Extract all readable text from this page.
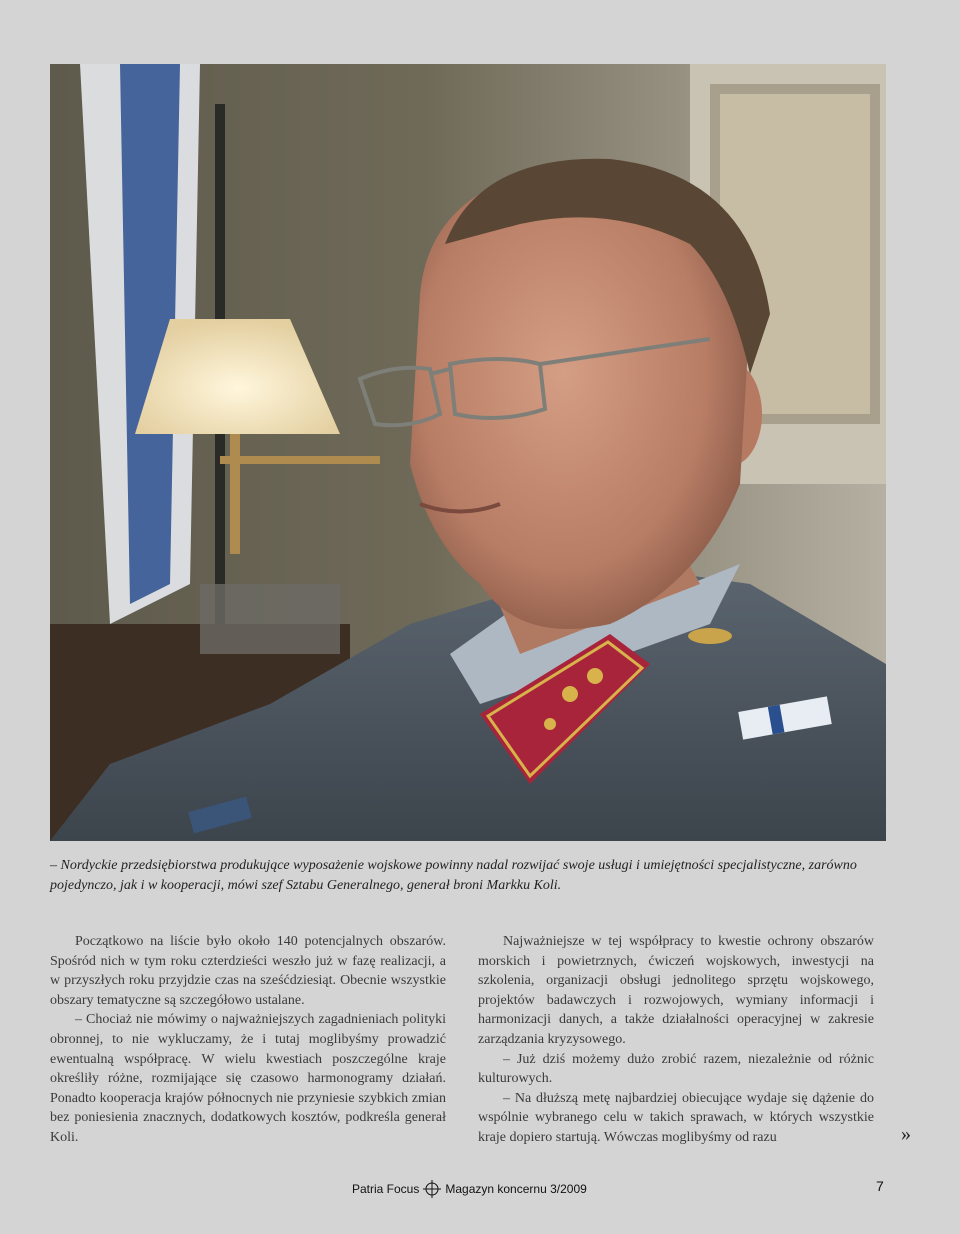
– Nordyckie przedsiębiorstwa produkujące wyposażenie wojskowe powinny nadal rozwijać swoje usługi i umiejętności specjalistyczne, zarówno pojedynczo, jak i w kooperacji, mówi szef Sztabu Generalnego, generał broni Markku Koli.

Początkowo na liście było około 140 potencjalnych obszarów. Spośród nich w tym roku czterdzieści weszło już w fazę realizacji, a w przyszłych roku przyjdzie czas na sześćdziesiąt. Obecnie wszystkie obszary tematyczne są szczegółowo ustalane.

– Chociaż nie mówimy o najważniejszych zagadnieniach polityki obronnej, to nie wykluczamy, że i tutaj moglibyśmy prowadzić ewentualną współpracę. W wielu kwestiach poszczególne kraje określiły różne, rozmijające się czasowo harmonogramy działań. Ponadto kooperacja krajów północnych nie przyniesie szybkich zmian bez poniesienia znacznych, dodatkowych kosztów, podkreśla generał Koli.

Najważniejsze w tej współpracy to kwestie ochrony obszarów morskich i powietrznych, ćwiczeń wojskowych, inwestycji na szkolenia, organizacji obsługi jednolitego sprzętu wojskowego, projektów badawczych i rozwojowych, wymiany informacji i harmonizacji danych, a także działalności operacyjnej w zakresie zarządzania kryzysowego.

– Już dziś możemy dużo zrobić razem, niezależnie od różnic kulturowych.

– Na dłuższą metę najbardziej obiecujące wydaje się dążenie do wspólnie wybranego celu w takich sprawach, w których wszystkie kraje dopiero startują. Wówczas moglibyśmy od razu	»
Patria Focus Magazyn koncernu 3/2009	7
